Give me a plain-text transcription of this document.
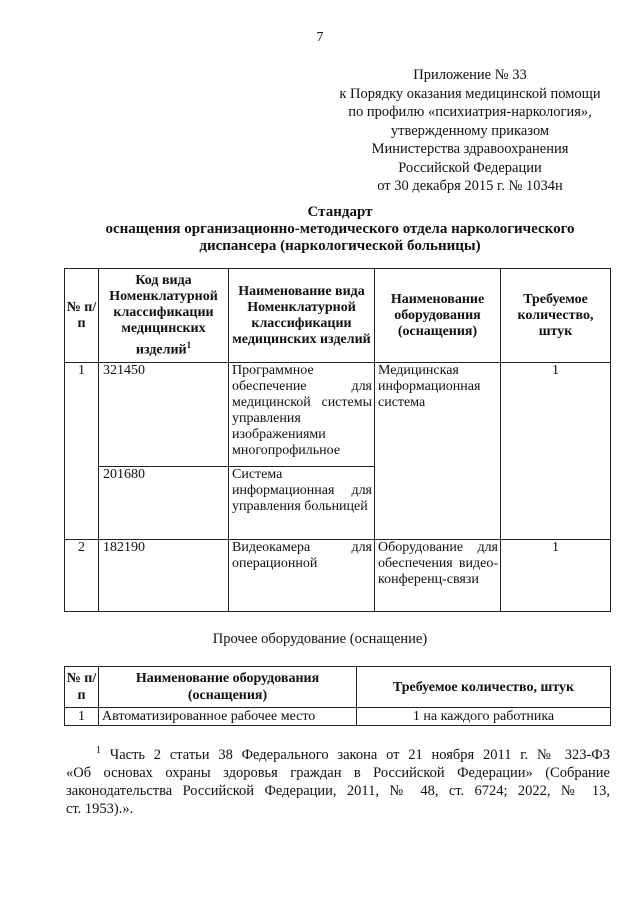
7
Приложение № 33
к Порядку оказания медицинской помощи
по профилю «психиатрия-наркология»,
утвержденному приказом
Министерства здравоохранения
Российской Федерации
от 30 декабря 2015 г. № 1034н
Стандарт
оснащения организационно-методического отдела наркологического
диспансера (наркологической больницы)
№ п/п	Код вида Номенклатурной классификации медицинских изделий$^1$	Наименование вида Номенклатурной классификации медицинских изделий	Наименование оборудования (оснащения)	Требуемое количество, штук
1	321450	Программное обеспечение для медицинской системы управления изображениями многопрофильное	Медицинская информационная система	1
	201680	Система информационная для управления больницей		
2	182190	Видеокамера для операционной	Оборудование для обеспечения видео-конференц-связи	1
Прочее оборудование (оснащение)
№ п/п	Наименование оборудования (оснащения)	Требуемое количество, штук
1	Автоматизированное рабочее место	1 на каждого работника
$^1$ Часть 2 статьи 38 Федерального закона от 21 ноября 2011 г. № 323-ФЗ
«Об основах охраны здоровья граждан в Российской Федерации» (Собрание
законодательства Российской Федерации, 2011, № 48, ст. 6724; 2022, № 13,
ст. 1953).».
